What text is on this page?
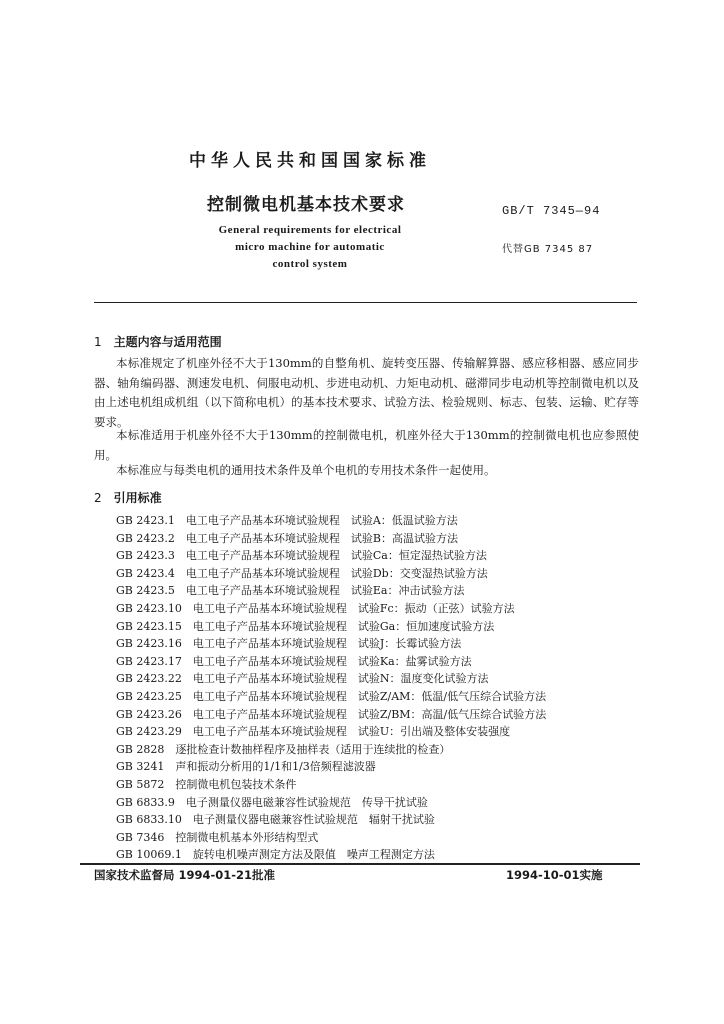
中华人民共和国国家标准
控制微电机基本技术要求	GB/T 7345—94
General requirements for electrical
micro machine for automatic
control system
代替GB 7345 87
1 主题内容与适用范围

本标准规定了机座外径不大于130mm的自整角机、旋转变压器、传输解算器、感应移相器、感应同步器、轴角编码器、测速发电机、伺服电动机、步进电动机、力矩电动机、磁滞同步电动机等控制微电机以及由上述电机组成机组（以下简称电机）的基本技术要求、试验方法、检验规则、标志、包装、运输、贮存等要求。

本标准适用于机座外径不大于130mm的控制微电机，机座外径大于130mm的控制微电机也应参照使用。

本标准应与每类电机的通用技术条件及单个电机的专用技术条件一起使用。

2 引用标准
GB 2423.1　电工电子产品基本环境试验规程　试验A：低温试验方法
GB 2423.2　电工电子产品基本环境试验规程　试验B：高温试验方法
GB 2423.3　电工电子产品基本环境试验规程　试验Ca：恒定湿热试验方法
GB 2423.4　电工电子产品基本环境试验规程　试验Db：交变湿热试验方法
GB 2423.5　电工电子产品基本环境试验规程　试验Ea：冲击试验方法
GB 2423.10　电工电子产品基本环境试验规程　试验Fc：振动（正弦）试验方法
GB 2423.15　电工电子产品基本环境试验规程　试验Ga：恒加速度试验方法
GB 2423.16　电工电子产品基本环境试验规程　试验J：长霉试验方法
GB 2423.17　电工电子产品基本环境试验规程　试验Ka：盐雾试验方法
GB 2423.22　电工电子产品基本环境试验规程　试验N：温度变化试验方法
GB 2423.25　电工电子产品基本环境试验规程　试验Z/AM：低温/低气压综合试验方法
GB 2423.26　电工电子产品基本环境试验规程　试验Z/BM：高温/低气压综合试验方法
GB 2423.29　电工电子产品基本环境试验规程　试验U：引出端及整体安装强度
GB 2828　逐批检查计数抽样程序及抽样表（适用于连续批的检查）
GB 3241　声和振动分析用的1/1和1/3倍频程滤波器
GB 5872　控制微电机包装技术条件
GB 6833.9　电子测量仪器电磁兼容性试验规范　传导干扰试验
GB 6833.10　电子测量仪器电磁兼容性试验规范　辐射干扰试验
GB 7346　控制微电机基本外形结构型式
GB 10069.1　旋转电机噪声测定方法及限值　噪声工程测定方法
国家技术监督局 1994-01-21批准	1994-10-01实施
